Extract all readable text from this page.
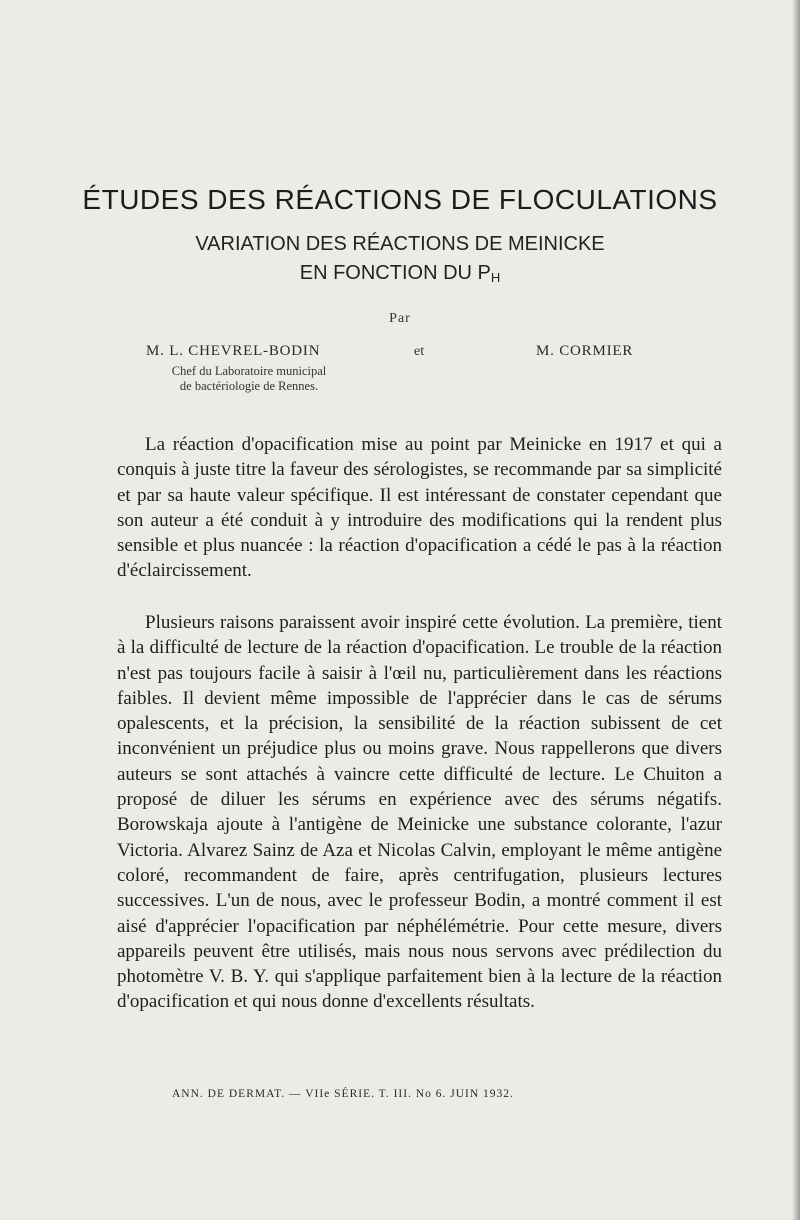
ÉTUDES DES RÉACTIONS DE FLOCULATIONS
VARIATION DES RÉACTIONS DE MEINICKE
EN FONCTION DU PH
Par
M. L. CHEVREL-BODIN	et	M. CORMIER
Chef du Laboratoire municipal
de bactériologie de Rennes.

La réaction d'opacification mise au point par Meinicke en 1917 et qui a conquis à juste titre la faveur des sérologistes, se recommande par sa simplicité et par sa haute valeur spécifique. Il est intéressant de constater cependant que son auteur a été conduit à y introduire des modifications qui la rendent plus sensible et plus nuancée : la réaction d'opacification a cédé le pas à la réaction d'éclaircissement.

Plusieurs raisons paraissent avoir inspiré cette évolution. La première, tient à la difficulté de lecture de la réaction d'opacification. Le trouble de la réaction n'est pas toujours facile à saisir à l'œil nu, particulièrement dans les réactions faibles. Il devient même impossible de l'apprécier dans le cas de sérums opalescents, et la précision, la sensibilité de la réaction subissent de cet inconvénient un préjudice plus ou moins grave. Nous rappellerons que divers auteurs se sont attachés à vaincre cette difficulté de lecture. Le Chuiton a proposé de diluer les sérums en expérience avec des sérums négatifs. Borowskaja ajoute à l'antigène de Meinicke une substance colorante, l'azur Victoria. Alvarez Sainz de Aza et Nicolas Calvin, employant le même antigène coloré, recommandent de faire, après centrifugation, plusieurs lectures successives. L'un de nous, avec le professeur Bodin, a montré comment il est aisé d'apprécier l'opacification par néphélémétrie. Pour cette mesure, divers appareils peuvent être utilisés, mais nous nous servons avec prédilection du photomètre V. B. Y. qui s'applique parfaitement bien à la lecture de la réaction d'opacification et qui nous donne d'excellents résultats.

ANN. DE DERMAT. — VIIe SÉRIE. T. III. No 6. JUIN 1932.
